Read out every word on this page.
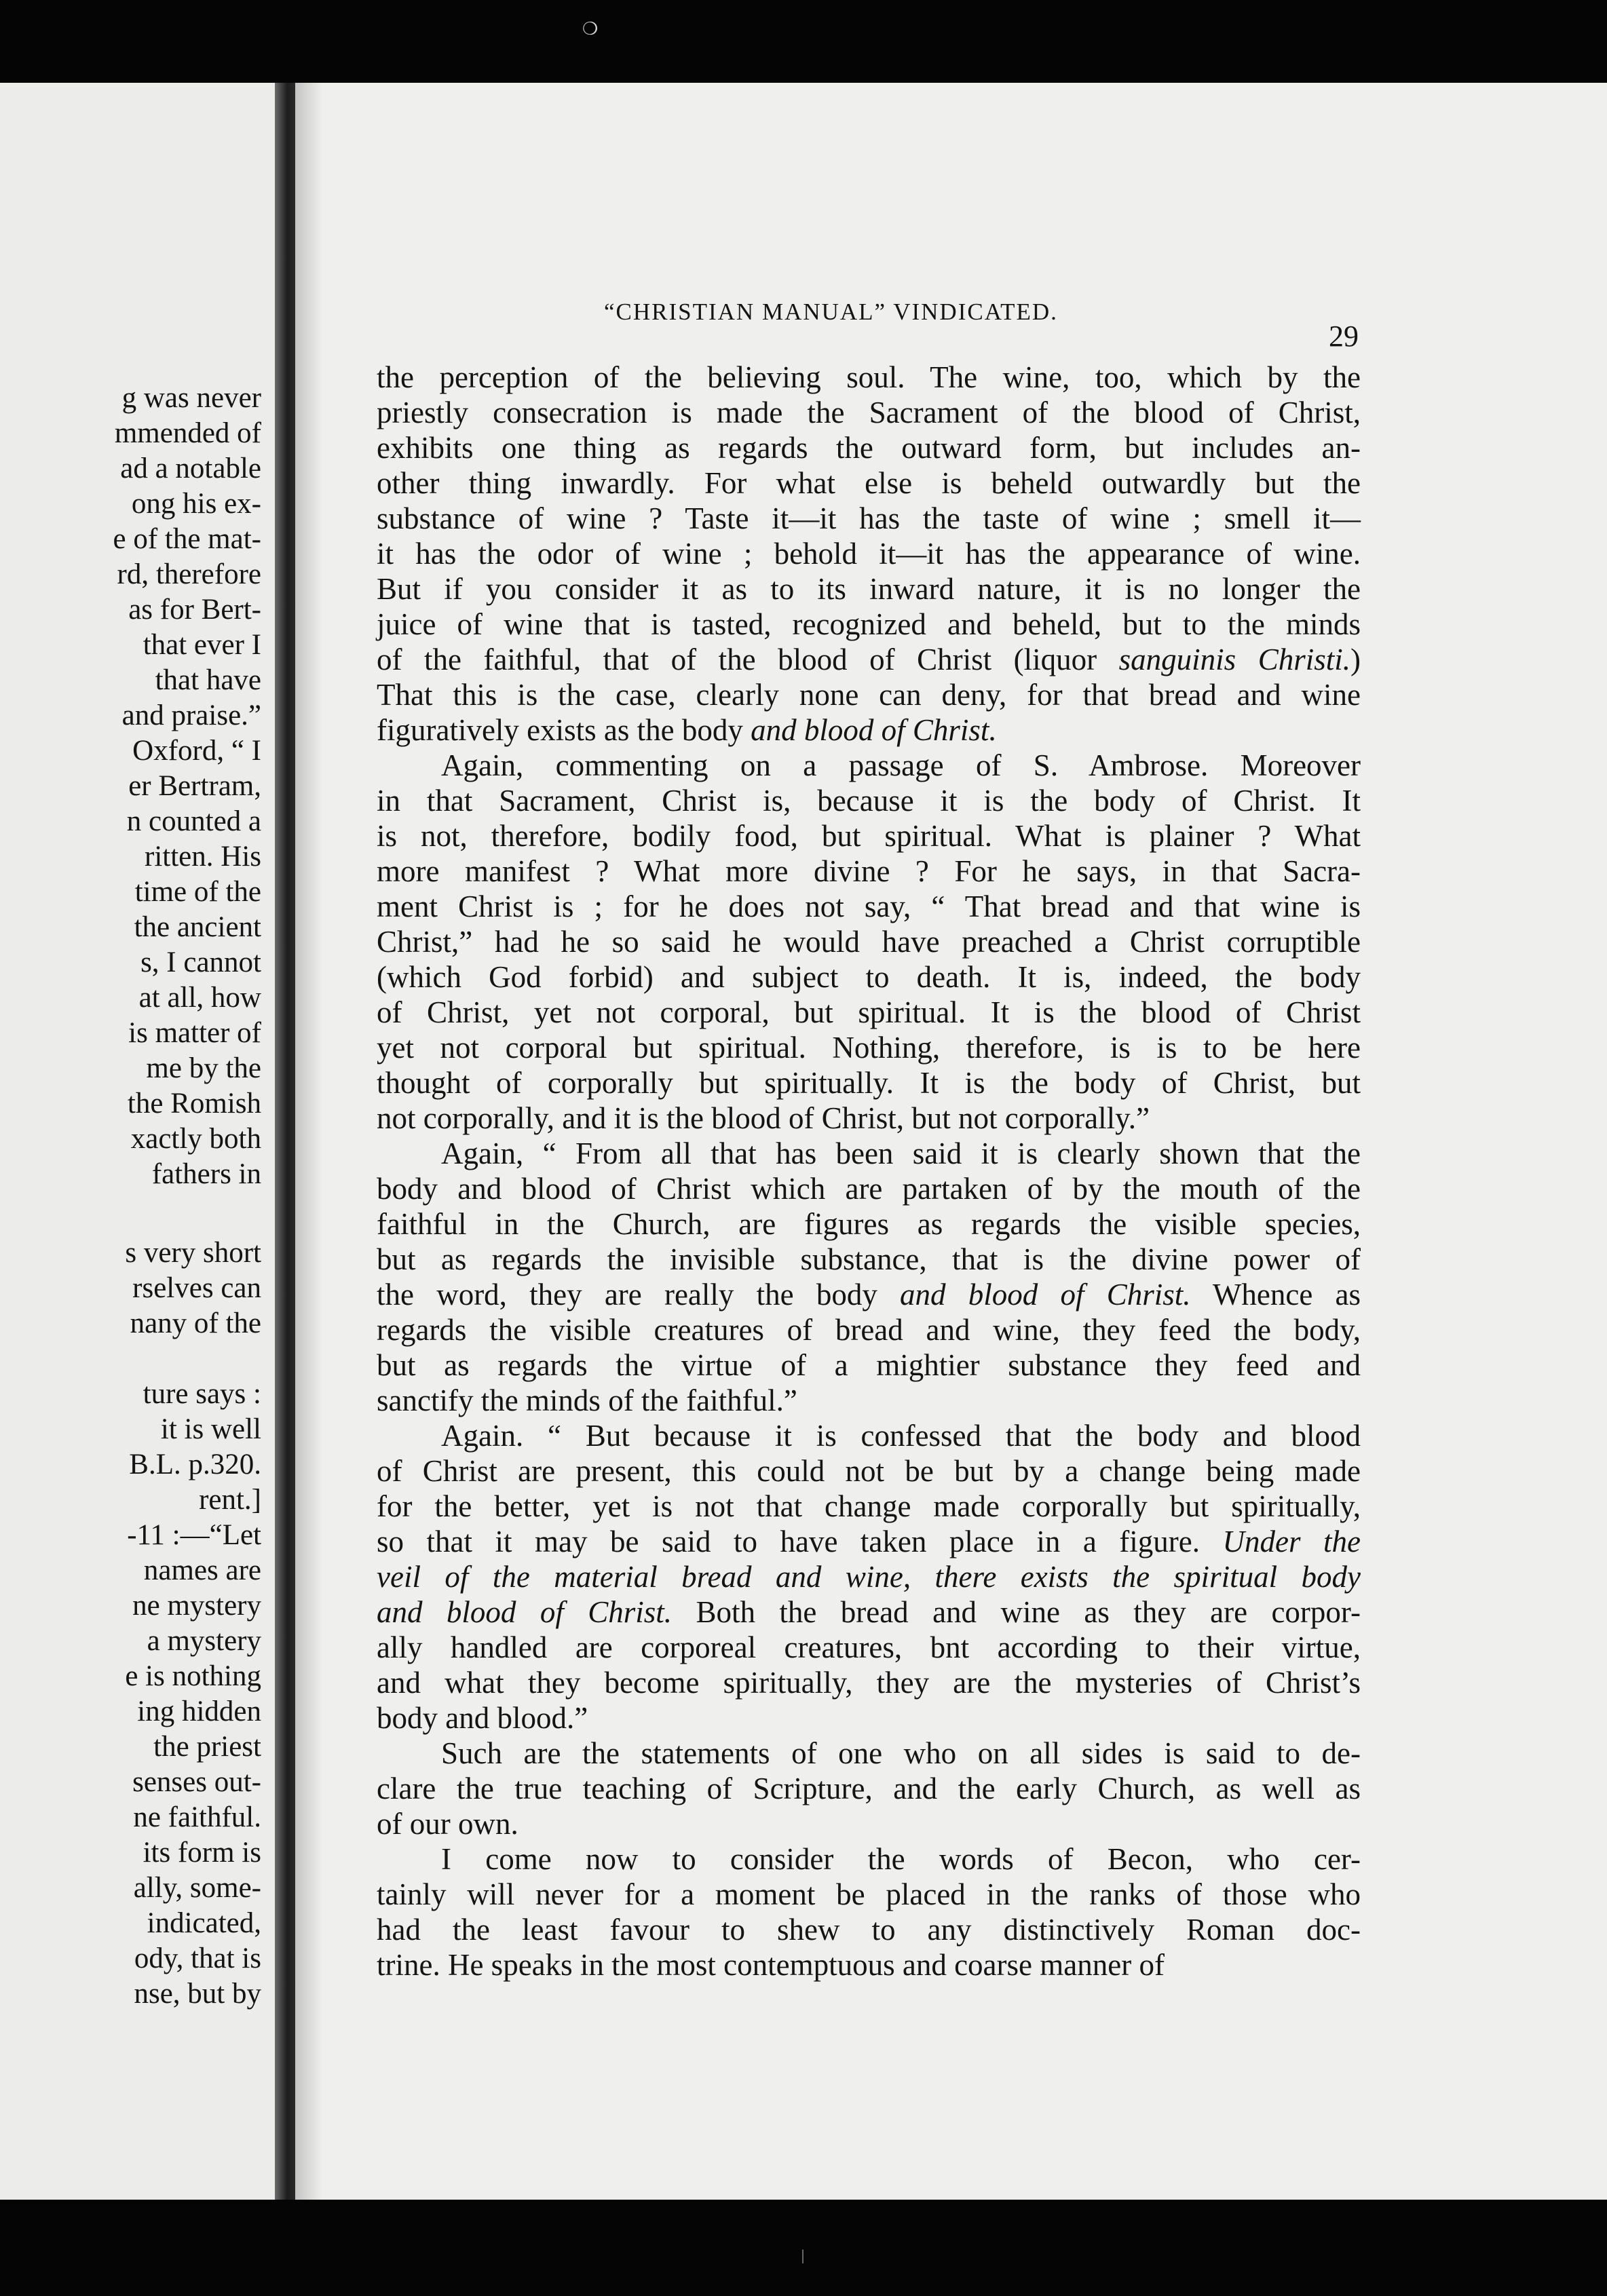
❍
g was never
mmended of
ad a notable
ong his ex-
e of the mat-
rd, therefore
as for Bert-
that ever I
that have
and praise.”
Oxford, “ I
er Bertram,
n counted a
ritten. His
time of the
the ancient
s, I cannot
at all, how
is matter of
me by the
the Romish
xactly both
fathers in
s very short
rselves can
nany of the
ture says :
it is well
B.L. p.320.
rent.]
-11 :—“Let
names are
ne mystery
a mystery
e is nothing
ing hidden
the priest
senses out-
ne faithful.
its form is
ally, some-
indicated,
ody, that is
nse, but by
“CHRISTIAN MANUAL” VINDICATED.
29
the perception of the believing soul. The wine, too, which by the
priestly consecration is made the Sacrament of the blood of Christ,
exhibits one thing as regards the outward form, but includes an-
other thing inwardly. For what else is beheld outwardly but the
substance of wine ? Taste it—it has the taste of wine ; smell it—
it has the odor of wine ; behold it—it has the appearance of wine.
But if you consider it as to its inward nature, it is no longer the
juice of wine that is tasted, recognized and beheld, but to the minds
of the faithful, that of the blood of Christ (liquor sanguinis Christi.)
That this is the case, clearly none can deny, for that bread and wine
figuratively exists as the body and blood of Christ.
Again, commenting on a passage of S. Ambrose. Moreover
in that Sacrament, Christ is, because it is the body of Christ. It
is not, therefore, bodily food, but spiritual. What is plainer ? What
more manifest ? What more divine ? For he says, in that Sacra-
ment Christ is ; for he does not say, “ That bread and that wine is
Christ,” had he so said he would have preached a Christ corruptible
(which God forbid) and subject to death. It is, indeed, the body
of Christ, yet not corporal, but spiritual. It is the blood of Christ
yet not corporal but spiritual. Nothing, therefore, is is to be here
thought of corporally but spiritually. It is the body of Christ, but
not corporally, and it is the blood of Christ, but not corporally.”
Again, “ From all that has been said it is clearly shown that the
body and blood of Christ which are partaken of by the mouth of the
faithful in the Church, are figures as regards the visible species,
but as regards the invisible substance, that is the divine power of
the word, they are really the body and blood of Christ. Whence as
regards the visible creatures of bread and wine, they feed the body,
but as regards the virtue of a mightier substance they feed and
sanctify the minds of the faithful.”
Again. “ But because it is confessed that the body and blood
of Christ are present, this could not be but by a change being made
for the better, yet is not that change made corporally but spiritually,
so that it may be said to have taken place in a figure. Under the
veil of the material bread and wine, there exists the spiritual body
and blood of Christ. Both the bread and wine as they are corpor-
ally handled are corporeal creatures, bnt according to their virtue,
and what they become spiritually, they are the mysteries of Christ’s
body and blood.”
Such are the statements of one who on all sides is said to de-
clare the true teaching of Scripture, and the early Church, as well as
of our own.
I come now to consider the words of Becon, who cer-
tainly will never for a moment be placed in the ranks of those who
had the least favour to shew to any distinctively Roman doc-
trine. He speaks in the most contemptuous and coarse manner of
ǀ
